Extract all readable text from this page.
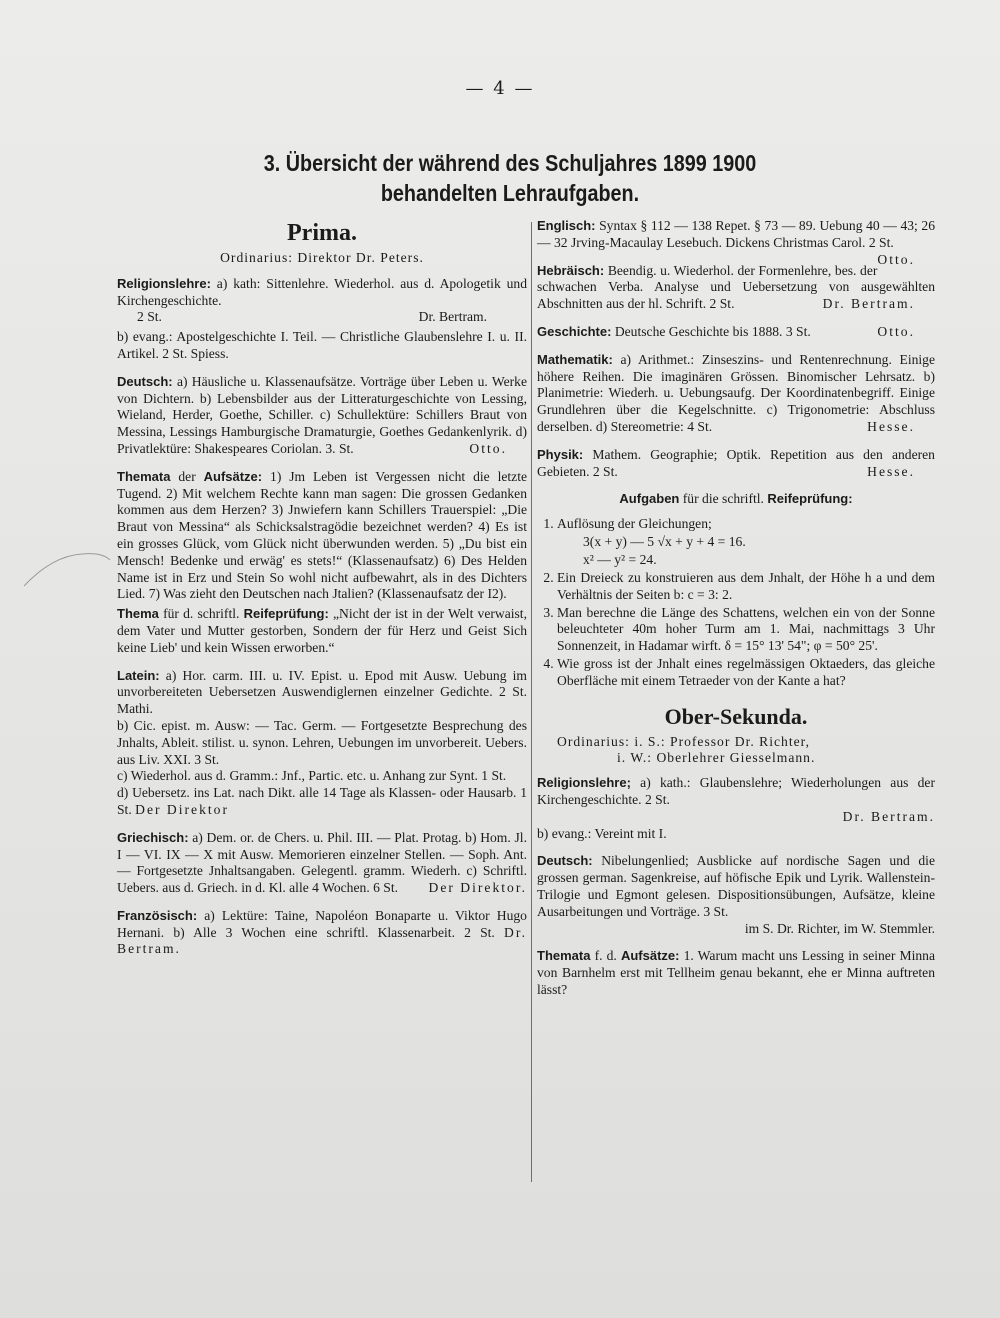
— 4 —
3. Übersicht der während des Schuljahres 1899 1900
behandelten Lehraufgaben.
Prima.
Ordinarius: Direktor Dr. Peters.
Religionslehre: a) kath: Sittenlehre. Wiederhol. aus d. Apologetik und Kirchengeschichte.
2 St.	Dr. Bertram.
b) evang.: Apostelgeschichte I. Teil. — Christliche Glaubenslehre I. u. II. Artikel. 2 St. Spiess.
Deutsch: a) Häusliche u. Klassenaufsätze. Vorträge über Leben u. Werke von Dichtern. b) Lebensbilder aus der Litteraturgeschichte von Lessing, Wieland, Herder, Goethe, Schiller. c) Schullektüre: Schillers Braut von Messina, Lessings Hamburgische Dramaturgie, Goethes Gedankenlyrik. d) Privatlektüre: Shakespeares Coriolan. 3. St.	Otto.
Themata der Aufsätze: 1) Jm Leben ist Vergessen nicht die letzte Tugend. 2) Mit welchem Rechte kann man sagen: Die grossen Gedanken kommen aus dem Herzen? 3) Jnwiefern kann Schillers Trauerspiel: „Die Braut von Messina“ als Schicksalstragödie bezeichnet werden? 4) Es ist ein grosses Glück, vom Glück nicht überwunden werden. 5) „Du bist ein Mensch! Bedenke und erwäg' es stets!“ (Klassenaufsatz) 6) Des Helden Name ist in Erz und Stein So wohl nicht aufbewahrt, als in des Dichters Lied. 7) Was zieht den Deutschen nach Jtalien? (Klassenaufsatz der I2).
Thema für d. schriftl. Reifeprüfung: „Nicht der ist in der Welt verwaist, dem Vater und Mutter gestorben, Sondern der für Herz und Geist Sich keine Lieb' und kein Wissen erworben.“
Latein: a) Hor. carm. III. u. IV. Epist. u. Epod mit Ausw. Uebung im unvorbereiteten Uebersetzen Auswendiglernen einzelner Gedichte. 2 St. Mathi.
b) Cic. epist. m. Ausw: — Tac. Germ. — Fortgesetzte Besprechung des Jnhalts, Ableit. stilist. u. synon. Lehren, Uebungen im unvorbereit. Uebers. aus Liv. XXI. 3 St.
c) Wiederhol. aus d. Gramm.: Jnf., Partic. etc. u. Anhang zur Synt. 1 St.
d) Uebersetz. ins Lat. nach Dikt. alle 14 Tage als Klassen- oder Hausarb. 1 St. Der Direktor
Griechisch: a) Dem. or. de Chers. u. Phil. III. — Plat. Protag. b) Hom. Jl. I — VI. IX — X mit Ausw. Memorieren einzelner Stellen. — Soph. Ant. — Fortgesetzte Jnhaltsangaben. Gelegentl. gramm. Wiederh. c) Schriftl. Uebers. aus d. Griech. in d. Kl. alle 4 Wochen. 6 St. Der Direktor.
Französisch: a) Lektüre: Taine, Napoléon Bonaparte u. Viktor Hugo Hernani. b) Alle 3 Wochen eine schriftl. Klassenarbeit. 2 St. Dr. Bertram.
Englisch: Syntax § 112 — 138 Repet. § 73 — 89. Uebung 40 — 43; 26 — 32 Jrving-Macaulay Lesebuch. Dickens Christmas Carol. 2 St.
Otto.
Hebräisch: Beendig. u. Wiederhol. der Formenlehre, bes. der schwachen Verba. Analyse und Uebersetzung von ausgewählten Abschnitten aus der hl. Schrift. 2 St.	Dr. Bertram.
Geschichte: Deutsche Geschichte bis 1888. 3 St.	Otto.
Mathematik: a) Arithmet.: Zinseszins- und Rentenrechnung. Einige höhere Reihen. Die imaginären Grössen. Binomischer Lehrsatz. b) Planimetrie: Wiederh. u. Uebungsaufg. Der Koordinatenbegriff. Einige Grundlehren über die Kegelschnitte. c) Trigonometrie: Abschluss derselben. d) Stereometrie: 4 St.	Hesse.
Physik: Mathem. Geographie; Optik. Repetition aus den anderen Gebieten. 2 St.	Hesse.
Aufgaben für die schriftl. Reifeprüfung:
1. Auflösung der Gleichungen;
3(x + y) — 5 √x + y + 4 = 16.
x² — y² = 24.
2. Ein Dreieck zu konstruieren aus dem Jnhalt, der Höhe h a und dem Verhältnis der Seiten b: c = 3: 2.
3. Man berechne die Länge des Schattens, welchen ein von der Sonne beleuchteter 40m hoher Turm am 1. Mai, nachmittags 3 Uhr Sonnenzeit, in Hadamar wirft. δ = 15° 13' 54"; φ = 50° 25'.
4. Wie gross ist der Jnhalt eines regelmässigen Oktaeders, das gleiche Oberfläche mit einem Tetraeder von der Kante a hat?
Ober-Sekunda.
Ordinarius: i. S.: Professor Dr. Richter,
i. W.: Oberlehrer Giesselmann.
Religionslehre; a) kath.: Glaubenslehre; Wiederholungen aus der Kirchengeschichte. 2 St.
Dr. Bertram.
b) evang.: Vereint mit I.
Deutsch: Nibelungenlied; Ausblicke auf nordische Sagen und die grossen german. Sagenkreise, auf höfische Epik und Lyrik. Wallenstein-Trilogie und Egmont gelesen. Dispositionsübungen, Aufsätze, kleine Ausarbeitungen und Vorträge. 3 St.
im S. Dr. Richter, im W. Stemmler.
Themata f. d. Aufsätze: 1. Warum macht uns Lessing in seiner Minna von Barnhelm erst mit Tellheim genau bekannt, ehe er Minna auftreten lässt?
